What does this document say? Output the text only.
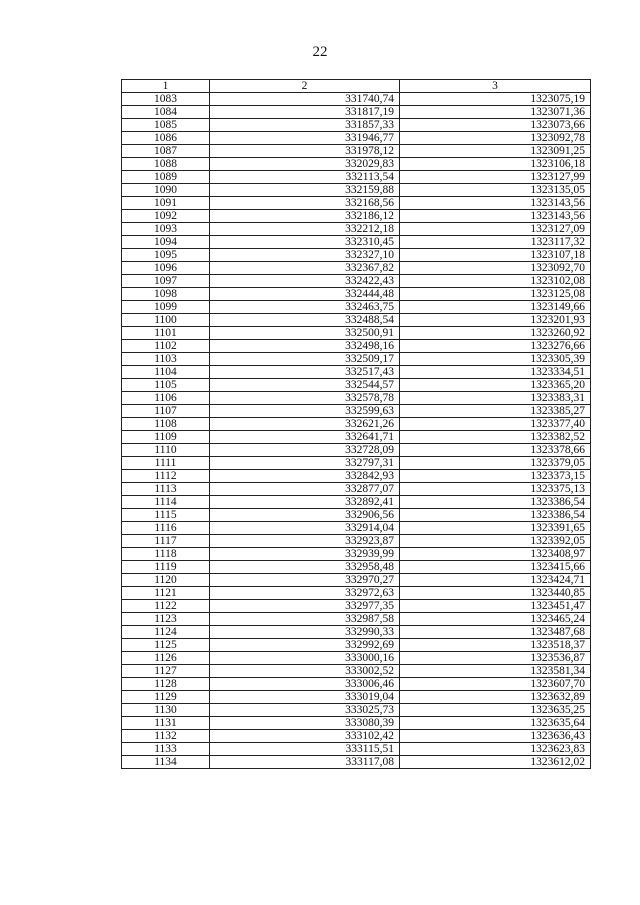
22
1	2	3
1083	331740,74	1323075,19
1084	331817,19	1323071,36
1085	331857,33	1323073,66
1086	331946,77	1323092,78
1087	331978,12	1323091,25
1088	332029,83	1323106,18
1089	332113,54	1323127,99
1090	332159,88	1323135,05
1091	332168,56	1323143,56
1092	332186,12	1323143,56
1093	332212,18	1323127,09
1094	332310,45	1323117,32
1095	332327,10	1323107,18
1096	332367,82	1323092,70
1097	332422,43	1323102,08
1098	332444,48	1323125,08
1099	332463,75	1323149,66
1100	332488,54	1323201,93
1101	332500,91	1323260,92
1102	332498,16	1323276,66
1103	332509,17	1323305,39
1104	332517,43	1323334,51
1105	332544,57	1323365,20
1106	332578,78	1323383,31
1107	332599,63	1323385,27
1108	332621,26	1323377,40
1109	332641,71	1323382,52
1110	332728,09	1323378,66
1111	332797,31	1323379,05
1112	332842,93	1323373,15
1113	332877,07	1323375,13
1114	332892,41	1323386,54
1115	332906,56	1323386,54
1116	332914,04	1323391,65
1117	332923,87	1323392,05
1118	332939,99	1323408,97
1119	332958,48	1323415,66
1120	332970,27	1323424,71
1121	332972,63	1323440,85
1122	332977,35	1323451,47
1123	332987,58	1323465,24
1124	332990,33	1323487,68
1125	332992,69	1323518,37
1126	333000,16	1323536,87
1127	333002,52	1323581,34
1128	333006,46	1323607,70
1129	333019,04	1323632,89
1130	333025,73	1323635,25
1131	333080,39	1323635,64
1132	333102,42	1323636,43
1133	333115,51	1323623,83
1134	333117,08	1323612,02
